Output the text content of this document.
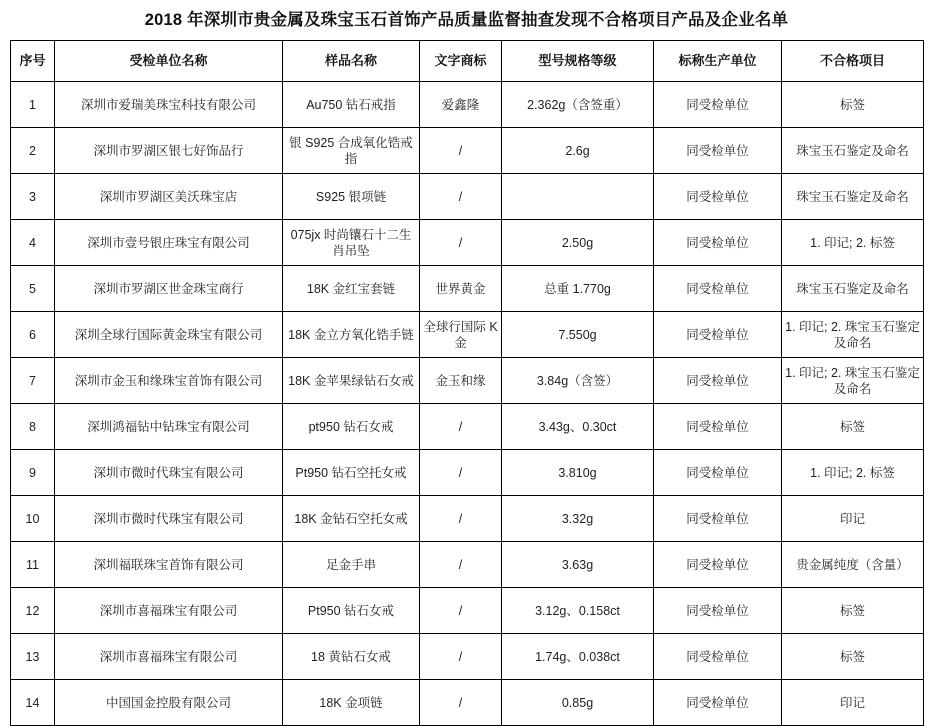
2018 年深圳市贵金属及珠宝玉石首饰产品质量监督抽查发现不合格项目产品及企业名单
序号	受检单位名称	样品名称	文字商标	型号规格等级	标称生产单位	不合格项目
1	深圳市爱瑞美珠宝科技有限公司	Au750 钻石戒指	爱鑫隆	2.362g（含签重）	同受检单位	标签
2	深圳市罗湖区银七好饰品行	银 S925 合成氧化锆戒指	/	2.6g	同受检单位	珠宝玉石鉴定及命名
3	深圳市罗湖区美沃珠宝店	S925 银项链	/		同受检单位	珠宝玉石鉴定及命名
4	深圳市壹号银庄珠宝有限公司	075jx 时尚镶石十二生肖吊坠	/	2.50g	同受检单位	1. 印记; 2. 标签
5	深圳市罗湖区世金珠宝商行	18K 金红宝套链	世界黄金	总重 1.770g	同受检单位	珠宝玉石鉴定及命名
6	深圳全球行国际黄金珠宝有限公司	18K 金立方氧化锆手链	全球行国际 K 金	7.550g	同受检单位	1. 印记; 2. 珠宝玉石鉴定及命名
7	深圳市金玉和缘珠宝首饰有限公司	18K 金苹果绿钻石女戒	金玉和缘	3.84g（含签）	同受检单位	1. 印记; 2. 珠宝玉石鉴定及命名
8	深圳鸿福钻中钻珠宝有限公司	pt950 钻石女戒	/	3.43g、0.30ct	同受检单位	标签
9	深圳市微时代珠宝有限公司	Pt950 钻石空托女戒	/	3.810g	同受检单位	1. 印记; 2. 标签
10	深圳市微时代珠宝有限公司	18K 金钻石空托女戒	/	3.32g	同受检单位	印记
11	深圳福联珠宝首饰有限公司	足金手串	/	3.63g	同受检单位	贵金属纯度（含量）
12	深圳市喜福珠宝有限公司	Pt950 钻石女戒	/	3.12g、0.158ct	同受检单位	标签
13	深圳市喜福珠宝有限公司	18 黄钻石女戒	/	1.74g、0.038ct	同受检单位	标签
14	中国国金控股有限公司	18K 金项链	/	0.85g	同受检单位	印记
